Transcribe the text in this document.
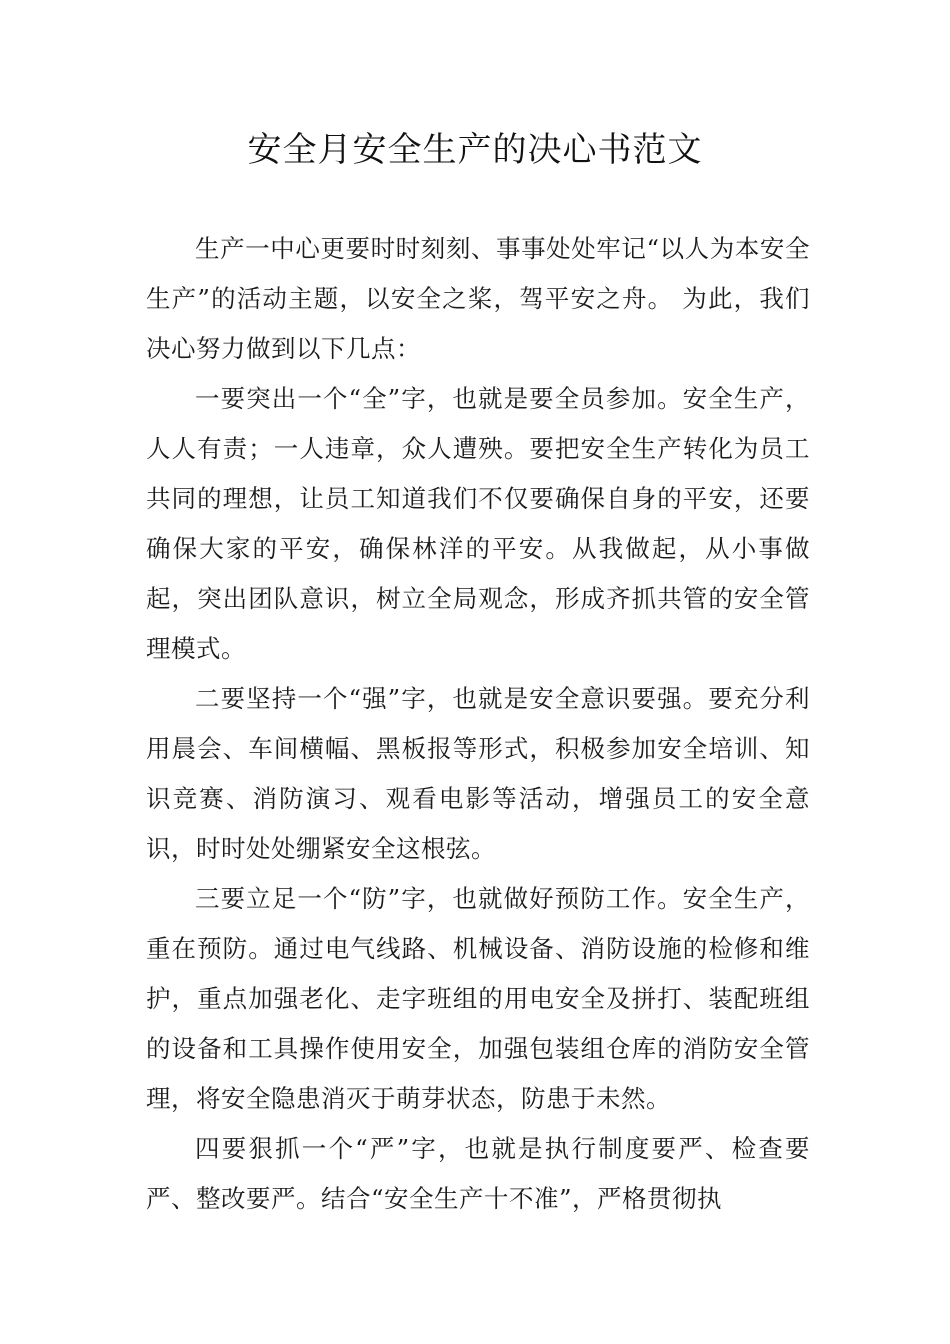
安全月安全生产的决心书范文

生产一中心更要时时刻刻、事事处处牢记“以人为本安全生产”的活动主题，以安全之桨，驾平安之舟。 为此，我们决心努力做到以下几点：

一要突出一个“全”字，也就是要全员参加。安全生产，人人有责；一人违章，众人遭殃。要把安全生产转化为员工共同的理想，让员工知道我们不仅要确保自身的平安，还要确保大家的平安，确保林洋的平安。从我做起，从小事做起，突出团队意识，树立全局观念，形成齐抓共管的安全管理模式。

二要坚持一个“强”字，也就是安全意识要强。要充分利用晨会、车间横幅、黑板报等形式，积极参加安全培训、知识竞赛、消防演习、观看电影等活动，增强员工的安全意识，时时处处绷紧安全这根弦。

三要立足一个“防”字，也就做好预防工作。安全生产，重在预防。通过电气线路、机械设备、消防设施的检修和维护，重点加强老化、走字班组的用电安全及拼打、装配班组的设备和工具操作使用安全，加强包装组仓库的消防安全管理，将安全隐患消灭于萌芽状态，防患于未然。

四要狠抓一个“严”字，也就是执行制度要严、检查要严、整改要严。结合“安全生产十不准”，严格贯彻执
